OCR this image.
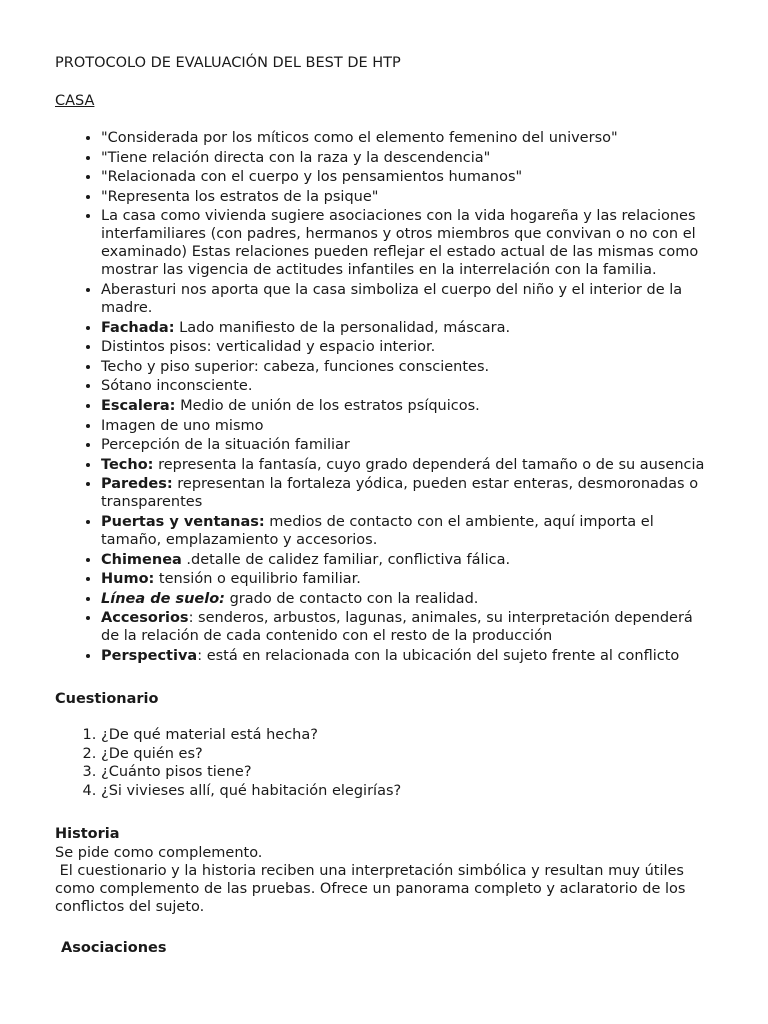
PROTOCOLO DE EVALUACIÓN DEL BEST DE HTP
CASA
• "Considerada por los míticos como el elemento femenino del universo"
• "Tiene relación directa con la raza y la descendencia"
• "Relacionada con el cuerpo y los pensamientos humanos"
• "Representa los estratos de la psique"
• La casa como vivienda sugiere asociaciones con la vida hogareña y las relaciones interfamiliares (con padres, hermanos y otros miembros que convivan o no con el examinado) Estas relaciones pueden reflejar el estado actual de las mismas como mostrar las vigencia de actitudes infantiles en la interrelación con la familia.
• Aberasturi nos aporta que la casa simboliza el cuerpo del niño y el interior de la madre.
• Fachada: Lado manifiesto de la personalidad, máscara.
• Distintos pisos: verticalidad y espacio interior.
• Techo y piso superior: cabeza, funciones conscientes.
• Sótano inconsciente.
• Escalera: Medio de unión de los estratos psíquicos.
• Imagen de uno mismo
• Percepción de la situación familiar
• Techo: representa la fantasía, cuyo grado dependerá del tamaño o de su ausencia
• Paredes: representan la fortaleza yódica, pueden estar enteras, desmoronadas o transparentes
• Puertas y ventanas: medios de contacto con el ambiente, aquí importa el tamaño, emplazamiento y accesorios.
• Chimenea .detalle de calidez familiar, conflictiva fálica.
• Humo: tensión o equilibrio familiar.
• Línea de suelo: grado de contacto con la realidad.
• Accesorios: senderos, arbustos, lagunas, animales, su interpretación dependerá de la relación de cada contenido con el resto de la producción
• Perspectiva: está en relacionada con la ubicación del sujeto frente al conflicto
Cuestionario
1. ¿De qué material está hecha?
2. ¿De quién es?
3. ¿Cuánto pisos tiene?
4. ¿Si vivieses allí, qué habitación elegirías?
Historia

Se pide como complemento.

El cuestionario y la historia reciben una interpretación simbólica y resultan muy útiles como complemento de las pruebas. Ofrece un panorama completo y aclaratorio de los conflictos del sujeto.

Asociaciones
